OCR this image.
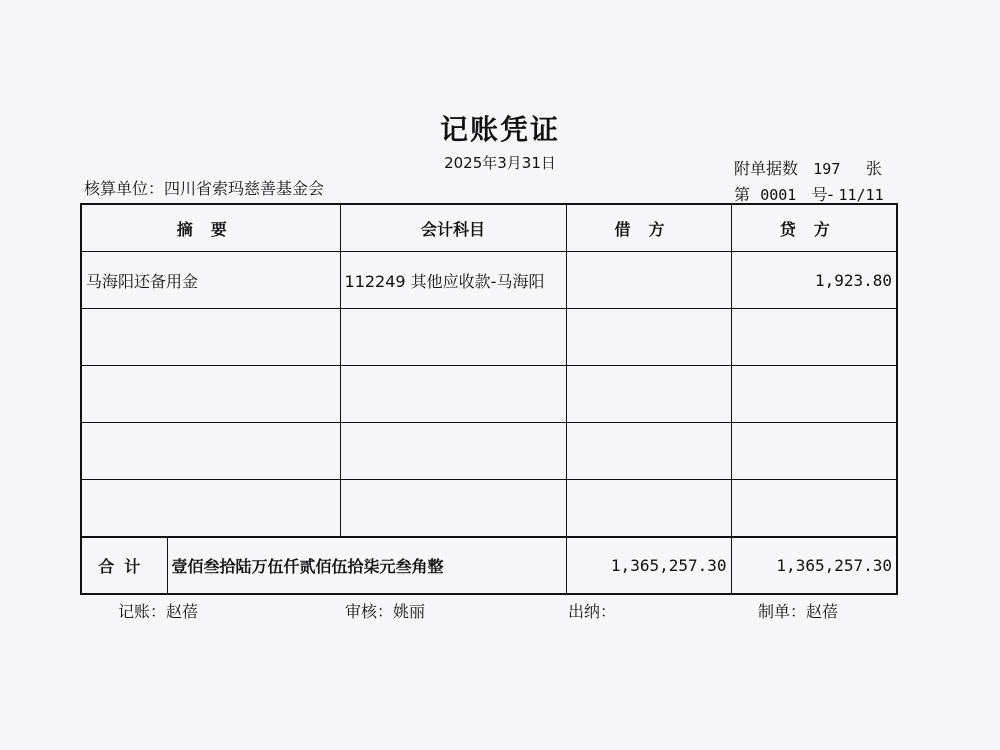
记账凭证
2025年3月31日
核算单位：四川省索玛慈善基金会
附单据数 197 张
第 0001 号- 11/11
摘要		会计科目	借方	贷方
马海阳还备用金		112249 其他应收款-马海阳		1,923.80

合计	壹佰叁拾陆万伍仟贰佰伍拾柒元叁角整		1,365,257.30	1,365,257.30
记账：赵蓓	审核：姚丽	出纳：	制单：赵蓓
